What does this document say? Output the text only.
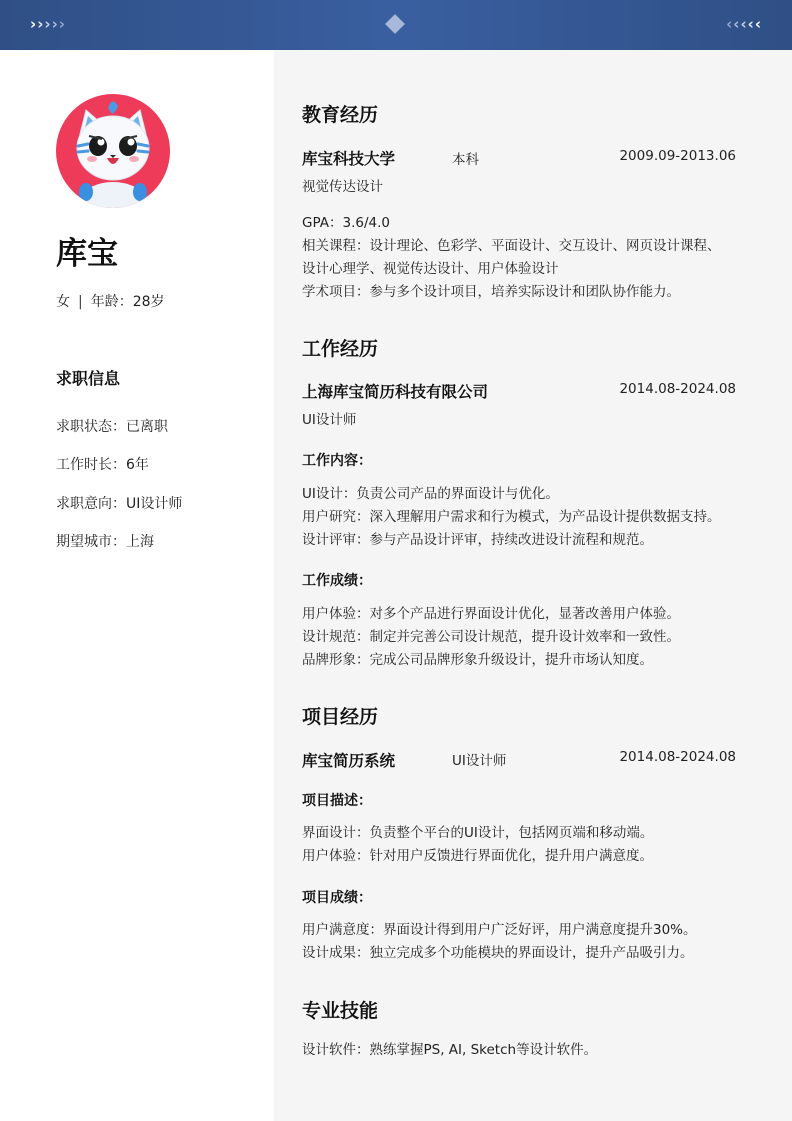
›››››	‹‹‹‹‹
库宝
女 | 年龄：28岁
求职信息
求职状态：已离职
工作时长：6年
求职意向：UI设计师
期望城市：上海
教育经历
库宝科技大学	本科	2009.09-2013.06
视觉传达设计
GPA：3.6/4.0
相关课程：设计理论、色彩学、平面设计、交互设计、网页设计课程、
设计心理学、视觉传达设计、用户体验设计
学术项目：参与多个设计项目，培养实际设计和团队协作能力。
工作经历
上海库宝简历科技有限公司	2014.08-2024.08
UI设计师
工作内容：
UI设计：负责公司产品的界面设计与优化。
用户研究：深入理解用户需求和行为模式，为产品设计提供数据支持。
设计评审：参与产品设计评审，持续改进设计流程和规范。
工作成绩：
用户体验：对多个产品进行界面设计优化，显著改善用户体验。
设计规范：制定并完善公司设计规范，提升设计效率和一致性。
品牌形象：完成公司品牌形象升级设计，提升市场认知度。
项目经历
库宝简历系统	UI设计师	2014.08-2024.08
项目描述：
界面设计：负责整个平台的UI设计，包括网页端和移动端。
用户体验：针对用户反馈进行界面优化，提升用户满意度。
项目成绩：
用户满意度：界面设计得到用户广泛好评，用户满意度提升30%。
设计成果：独立完成多个功能模块的界面设计，提升产品吸引力。
专业技能
设计软件：熟练掌握PS, AI, Sketch等设计软件。
